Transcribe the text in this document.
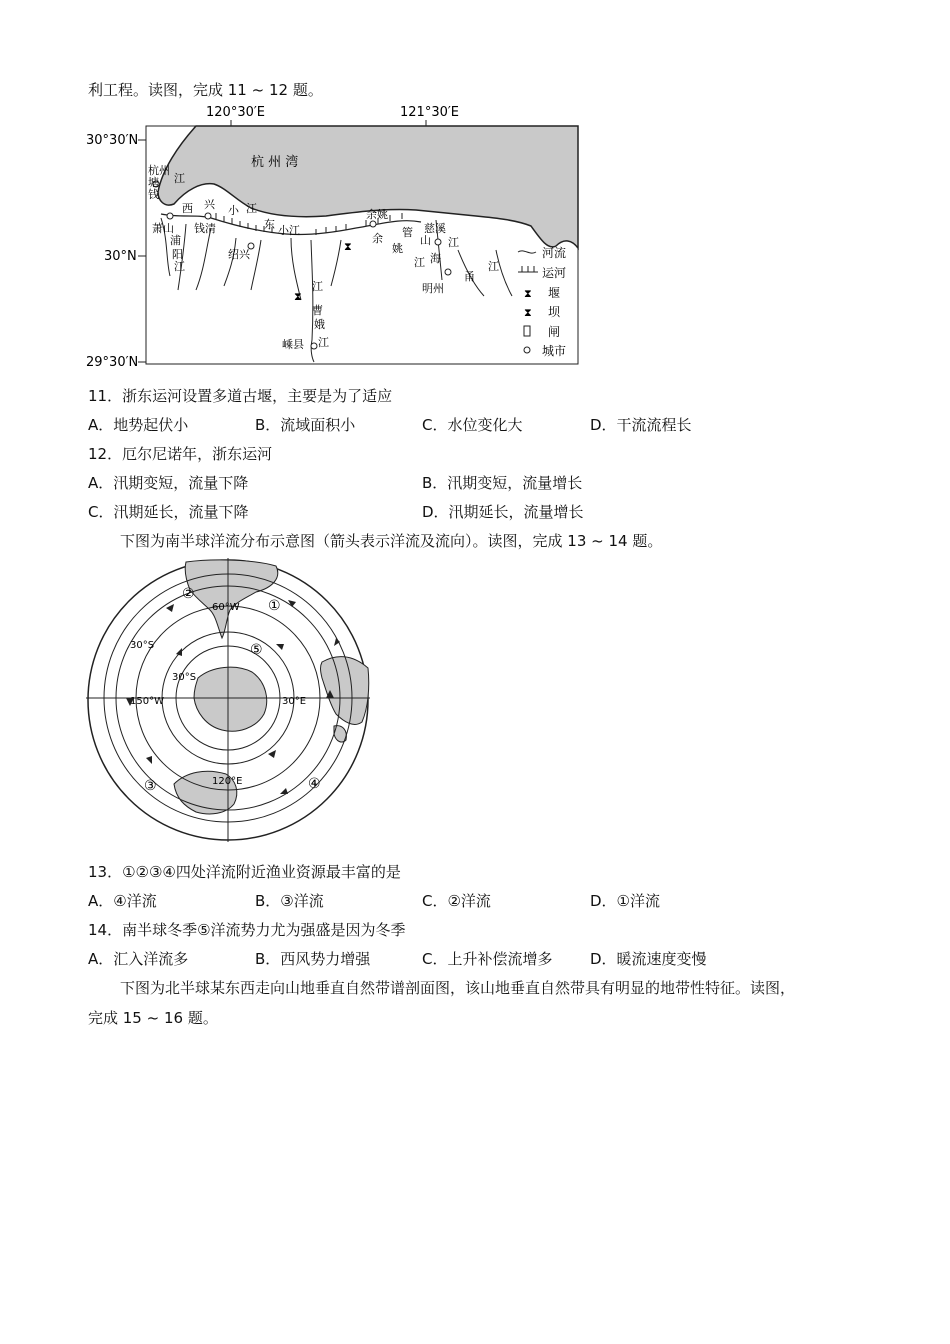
利工程。读图，完成 11 ~ 12 题。
120°30′E	121°30′E
30°30′N
30°N
29°30′N
杭 州 湾
⧗
⧗
杭州
塘
钱
江
萧山
浦
阳
江
西 兴
钱清
小 江
东 小江
绍兴
余姚
余
姚
管
山 江
慈溪
江	江
海
明州
甬
江
曹
娥
江
嵊县
河流
运河
⧗ 堰
⧗ 坝
闸
城市
11．浙东运河设置多道古堰，主要是为了适应
A．地势起伏小	B．流域面积小	C．水位变化大	D．干流流程长
12．厄尔尼诺年，浙东运河
A．汛期变短，流量下降	B．汛期变短，流量增长
C．汛期延长，流量下降	D．汛期延长，流量增长
下图为南半球洋流分布示意图（箭头表示洋流及流向）。读图，完成 13 ~ 14 题。
60°W
30°S
30°S
150°W	30°E
120°E
①
②
③	④
⑤
13．①②③④四处洋流附近渔业资源最丰富的是
A．④洋流	B．③洋流	C．②洋流	D．①洋流
14．南半球冬季⑤洋流势力尤为强盛是因为冬季
A．汇入洋流多	B．西风势力增强	C．上升补偿流增多	D．暖流速度变慢
下图为北半球某东西走向山地垂直自然带谱剖面图，该山地垂直自然带具有明显的地带性特征。读图，
完成 15 ~ 16 题。
